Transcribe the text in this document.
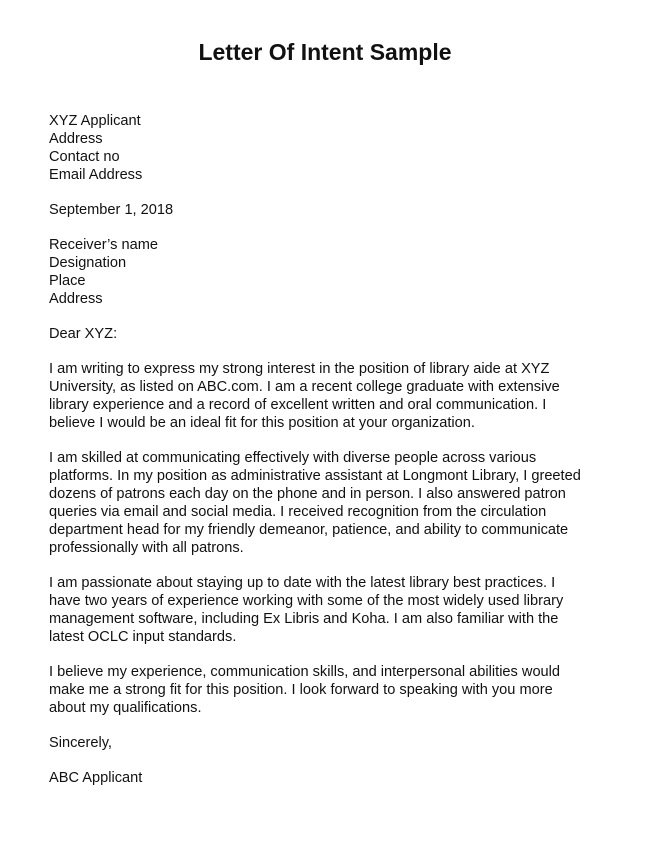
Letter Of Intent Sample
XYZ Applicant
Address
Contact no
Email Address
September 1, 2018
Receiver’s name
Designation
Place
Address
Dear XYZ:
I am writing to express my strong interest in the position of library aide at XYZ
University, as listed on ABC.com. I am a recent college graduate with extensive
library experience and a record of excellent written and oral communication. I
believe I would be an ideal fit for this position at your organization.
I am skilled at communicating effectively with diverse people across various
platforms. In my position as administrative assistant at Longmont Library, I greeted
dozens of patrons each day on the phone and in person. I also answered patron
queries via email and social media. I received recognition from the circulation
department head for my friendly demeanor, patience, and ability to communicate
professionally with all patrons.
I am passionate about staying up to date with the latest library best practices. I
have two years of experience working with some of the most widely used library
management software, including Ex Libris and Koha. I am also familiar with the
latest OCLC input standards.
I believe my experience, communication skills, and interpersonal abilities would
make me a strong fit for this position. I look forward to speaking with you more
about my qualifications.
Sincerely,
ABC Applicant
